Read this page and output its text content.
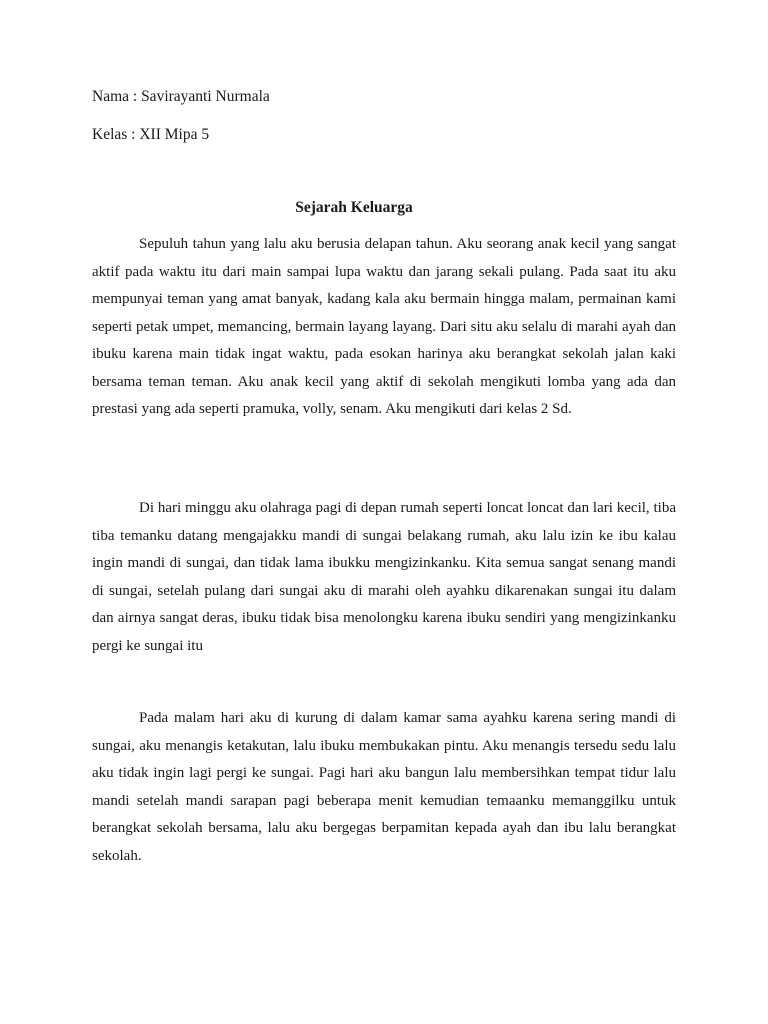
Nama : Savirayanti Nurmala
Kelas : XII Mipa 5
Sejarah Keluarga

Sepuluh tahun yang lalu aku berusia delapan tahun. Aku seorang anak kecil yang sangat aktif pada waktu itu dari main sampai lupa waktu dan jarang sekali pulang. Pada saat itu aku mempunyai teman yang amat banyak, kadang kala aku bermain hingga malam, permainan kami seperti petak umpet, memancing, bermain layang layang. Dari situ aku selalu di marahi ayah dan ibuku karena main tidak ingat waktu, pada esokan harinya aku berangkat sekolah jalan kaki bersama teman teman. Aku anak kecil yang aktif di sekolah mengikuti lomba yang ada dan prestasi yang ada seperti pramuka, volly, senam. Aku mengikuti dari kelas 2 Sd.

Di hari minggu aku olahraga pagi di depan rumah seperti loncat loncat dan lari kecil, tiba tiba temanku datang mengajakku mandi di sungai belakang rumah, aku lalu izin ke ibu kalau ingin mandi di sungai, dan tidak lama ibukku mengizinkanku. Kita semua sangat senang mandi di sungai, setelah pulang dari sungai aku di marahi oleh ayahku dikarenakan sungai itu dalam dan airnya sangat deras, ibuku tidak bisa menolongku karena ibuku sendiri yang mengizinkanku pergi ke sungai itu

Pada malam hari aku di kurung di dalam kamar sama ayahku karena sering mandi di sungai, aku menangis ketakutan, lalu ibuku membukakan pintu. Aku menangis tersedu sedu lalu aku tidak ingin lagi pergi ke sungai. Pagi hari aku bangun lalu membersihkan tempat tidur lalu mandi setelah mandi sarapan pagi beberapa menit kemudian temaanku memanggilku untuk berangkat sekolah bersama, lalu aku bergegas berpamitan kepada ayah dan ibu lalu berangkat sekolah.
